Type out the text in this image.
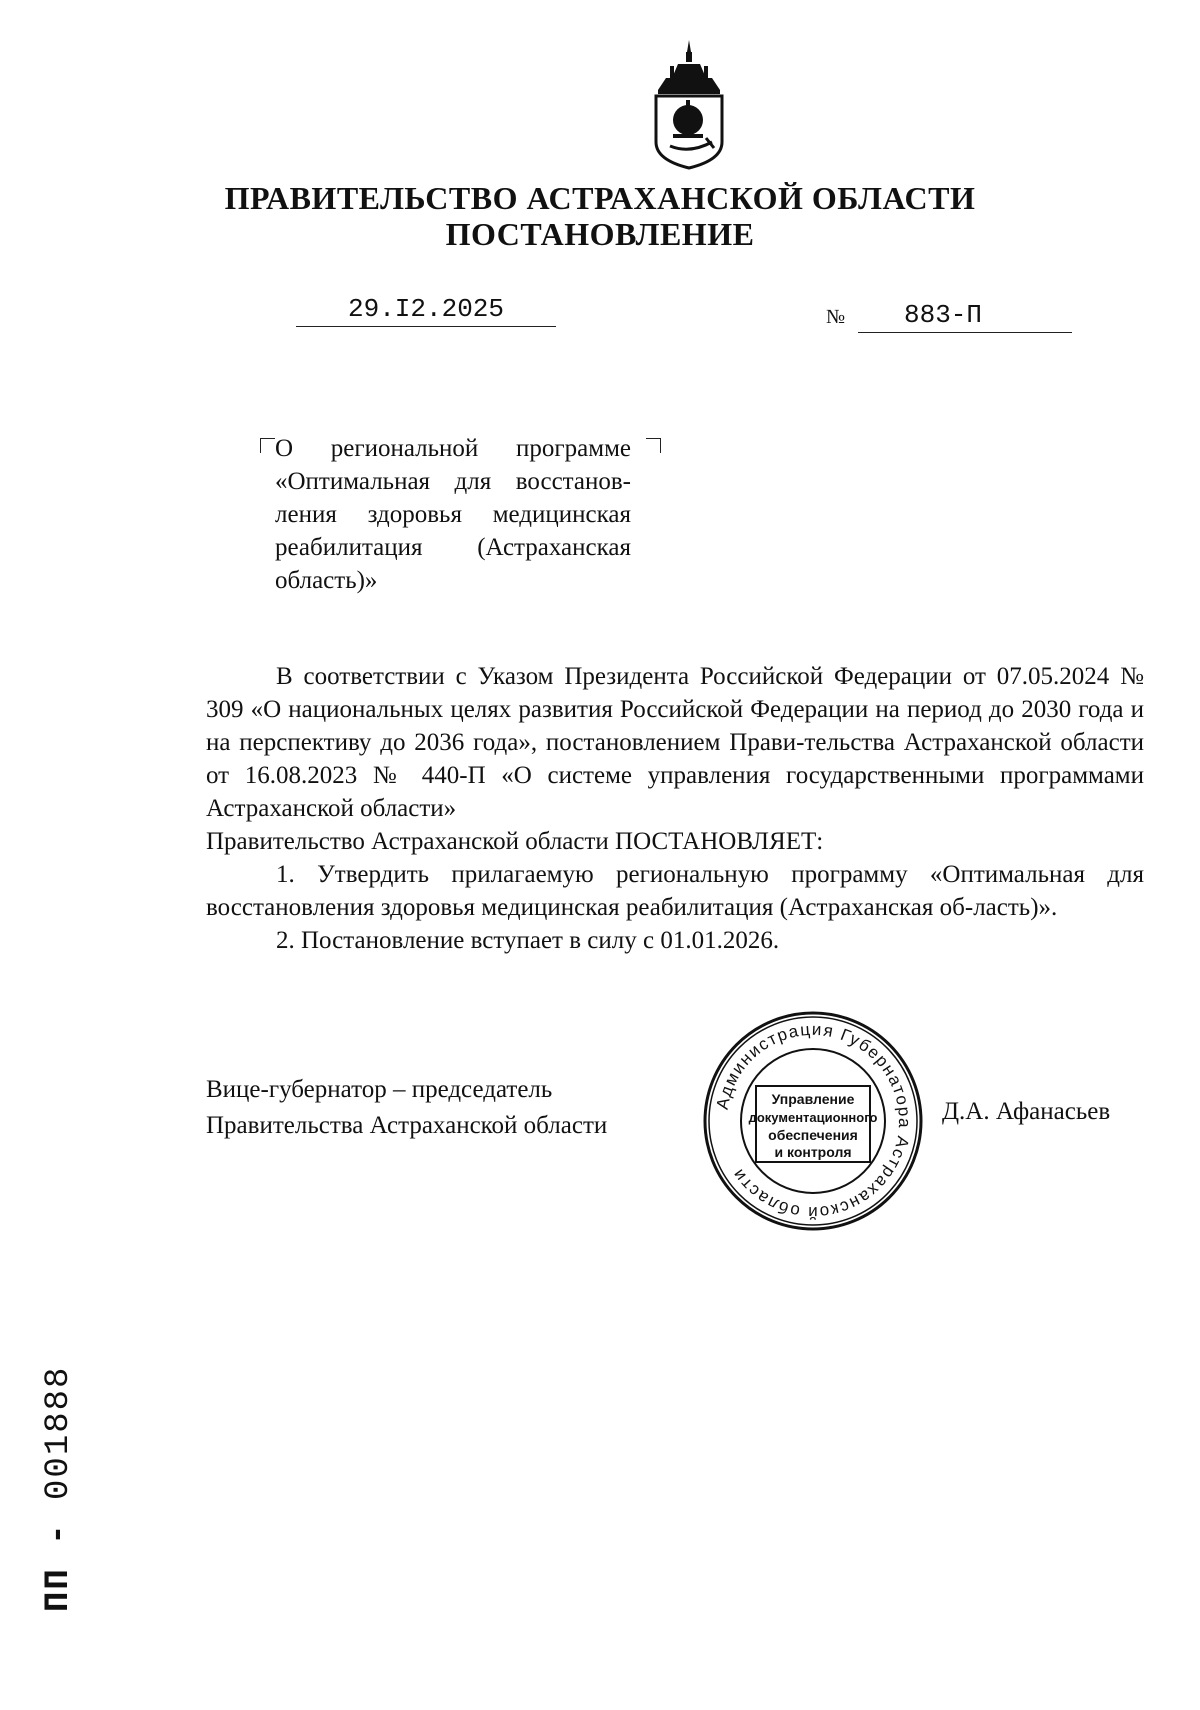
ПРАВИТЕЛЬСТВО АСТРАХАНСКОЙ ОБЛАСТИ
ПОСТАНОВЛЕНИЕ
29.I2.2025	№	883-П
О региональной программе «Оптимальная для восстанов-ления здоровья медицинская реабилитация (Астраханская область)»

В соответствии с Указом Президента Российской Федерации от 07.05.2024 № 309 «О национальных целях развития Российской Федерации на период до 2030 года и на перспективу до 2036 года», постановлением Прави-тельства Астраханской области от 16.08.2023 № 440-П «О системе управления государственными программами Астраханской области»

Правительство Астраханской области ПОСТАНОВЛЯЕТ:

1. Утвердить прилагаемую региональную программу «Оптимальная для восстановления здоровья медицинская реабилитация (Астраханская об-ласть)».

2. Постановление вступает в силу с 01.01.2026.

Вице-губернатор – председатель
Правительства Астраханской области
Администрация Губернатора Астраханской области
Управление
документационного
обеспечения
и контроля
Д.А. Афанасьев
ПП - 001888
